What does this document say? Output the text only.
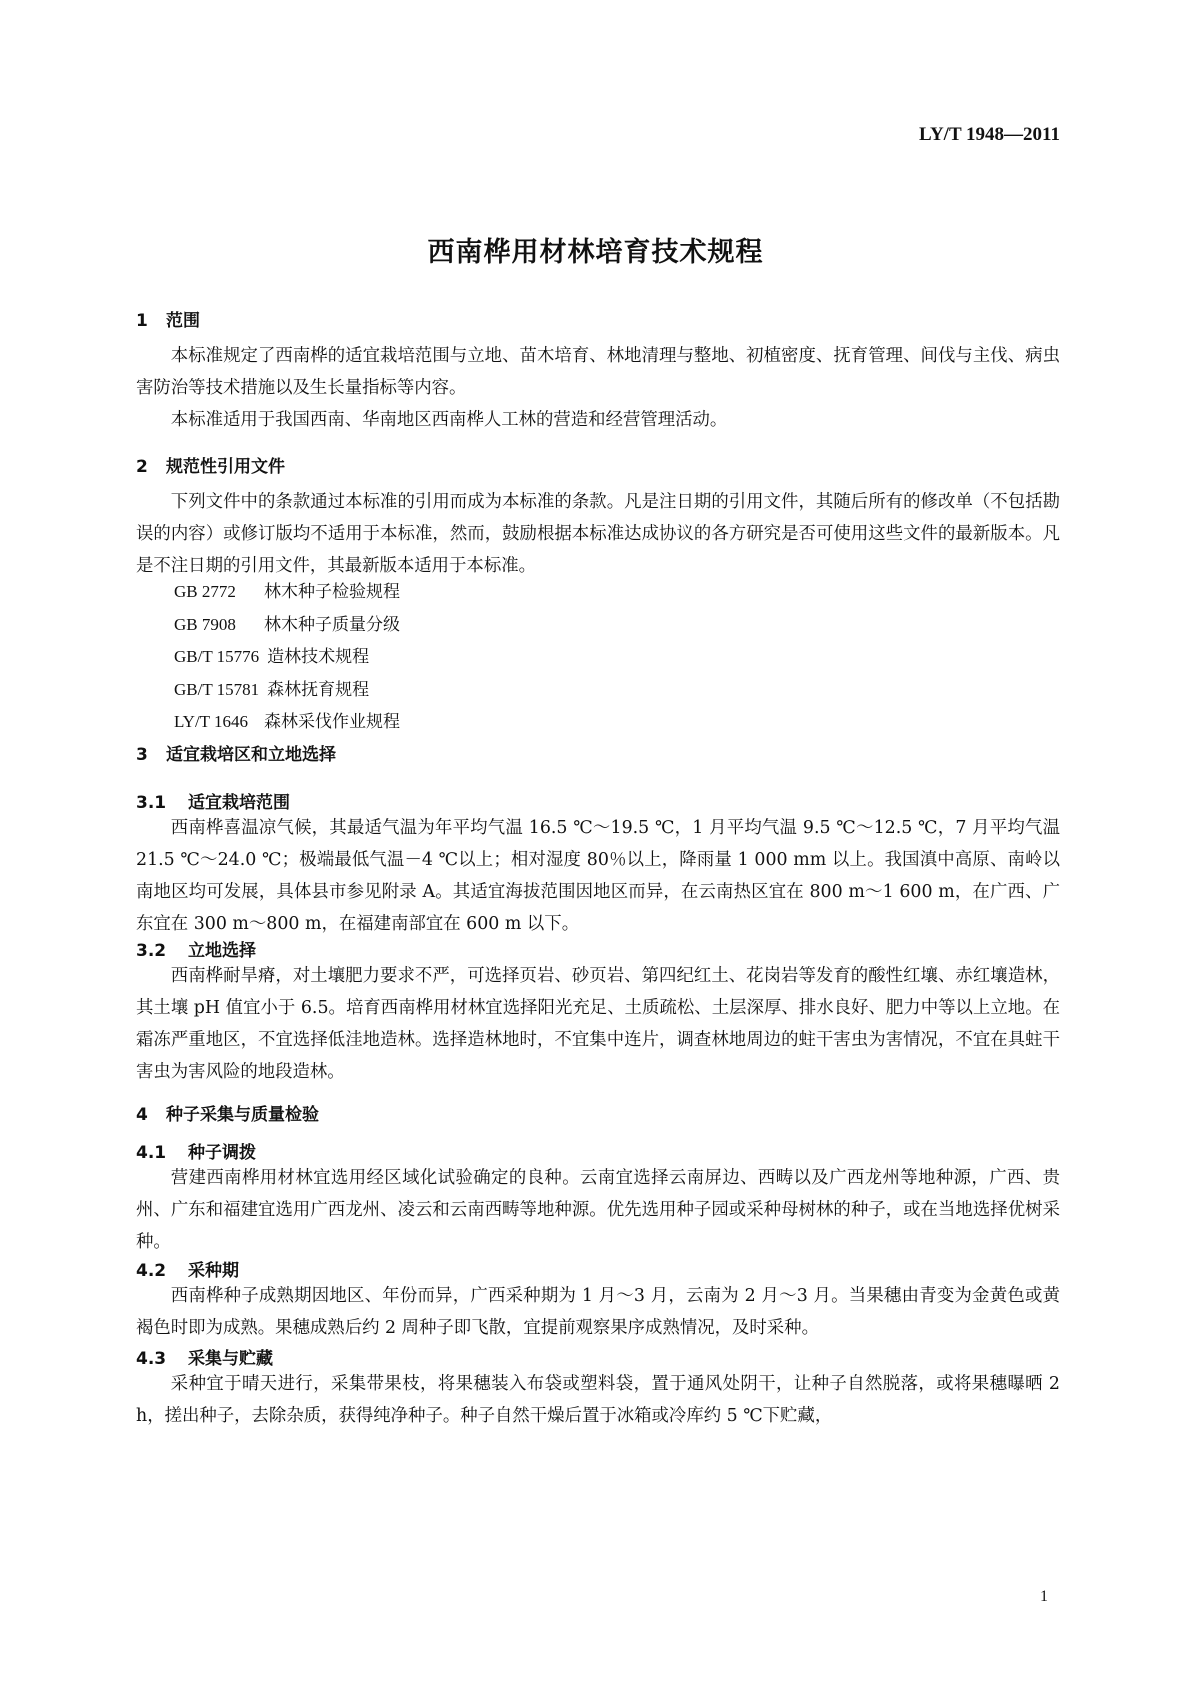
LY/T 1948—2011
西南桦用材林培育技术规程
1 范围

本标准规定了西南桦的适宜栽培范围与立地、苗木培育、林地清理与整地、初植密度、抚育管理、间伐与主伐、病虫害防治等技术措施以及生长量指标等内容。

本标准适用于我国西南、华南地区西南桦人工林的营造和经营管理活动。

2 规范性引用文件

下列文件中的条款通过本标准的引用而成为本标准的条款。凡是注日期的引用文件，其随后所有的修改单（不包括勘误的内容）或修订版均不适用于本标准，然而，鼓励根据本标准达成协议的各方研究是否可使用这些文件的最新版本。凡是不注日期的引用文件，其最新版本适用于本标准。

GB 2772 林木种子检验规程
GB 7908 林木种子质量分级
GB/T 15776 造林技术规程
GB/T 15781 森林抚育规程
LY/T 1646 森林采伐作业规程
3 适宜栽培区和立地选择
3.1 适宜栽培范围

西南桦喜温凉气候，其最适气温为年平均气温 16.5 ℃～19.5 ℃，1 月平均气温 9.5 ℃～12.5 ℃，7 月平均气温 21.5 ℃～24.0 ℃；极端最低气温－4 ℃以上；相对湿度 80％以上，降雨量 1 000 mm 以上。我国滇中高原、南岭以南地区均可发展，具体县市参见附录 A。其适宜海拔范围因地区而异，在云南热区宜在 800 m～1 600 m，在广西、广东宜在 300 m～800 m，在福建南部宜在 600 m 以下。

3.2 立地选择

西南桦耐旱瘠，对土壤肥力要求不严，可选择页岩、砂页岩、第四纪红土、花岗岩等发育的酸性红壤、赤红壤造林，其土壤 pH 值宜小于 6.5。培育西南桦用材林宜选择阳光充足、土质疏松、土层深厚、排水良好、肥力中等以上立地。在霜冻严重地区，不宜选择低洼地造林。选择造林地时，不宜集中连片，调查林地周边的蛀干害虫为害情况，不宜在具蛀干害虫为害风险的地段造林。

4 种子采集与质量检验
4.1 种子调拨

营建西南桦用材林宜选用经区域化试验确定的良种。云南宜选择云南屏边、西畴以及广西龙州等地种源，广西、贵州、广东和福建宜选用广西龙州、凌云和云南西畴等地种源。优先选用种子园或采种母树林的种子，或在当地选择优树采种。

4.2 采种期

西南桦种子成熟期因地区、年份而异，广西采种期为 1 月～3 月，云南为 2 月～3 月。当果穗由青变为金黄色或黄褐色时即为成熟。果穗成熟后约 2 周种子即飞散，宜提前观察果序成熟情况，及时采种。

4.3 采集与贮藏

采种宜于晴天进行，采集带果枝，将果穗装入布袋或塑料袋，置于通风处阴干，让种子自然脱落，或将果穗曝晒 2 h，搓出种子，去除杂质，获得纯净种子。种子自然干燥后置于冰箱或冷库约 5 ℃下贮藏，

1
